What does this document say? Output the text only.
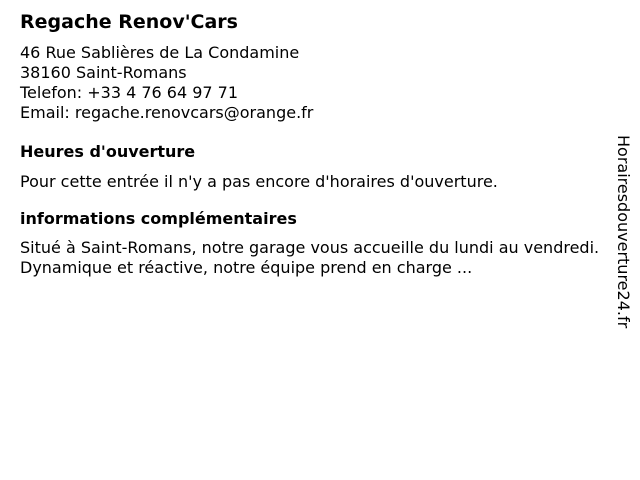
Regache Renov'Cars
46 Rue Sablières de La Condamine
38160 Saint-Romans
Telefon: +33 4 76 64 97 71
Email: regache.renovcars@orange.fr
Heures d'ouverture
Pour cette entrée il n'y a pas encore d'horaires d'ouverture.
informations complémentaires
Situé à Saint-Romans, notre garage vous accueille du lundi au vendredi. Dynamique et réactive, notre équipe prend en charge ...	Horairesdouverture24.fr
